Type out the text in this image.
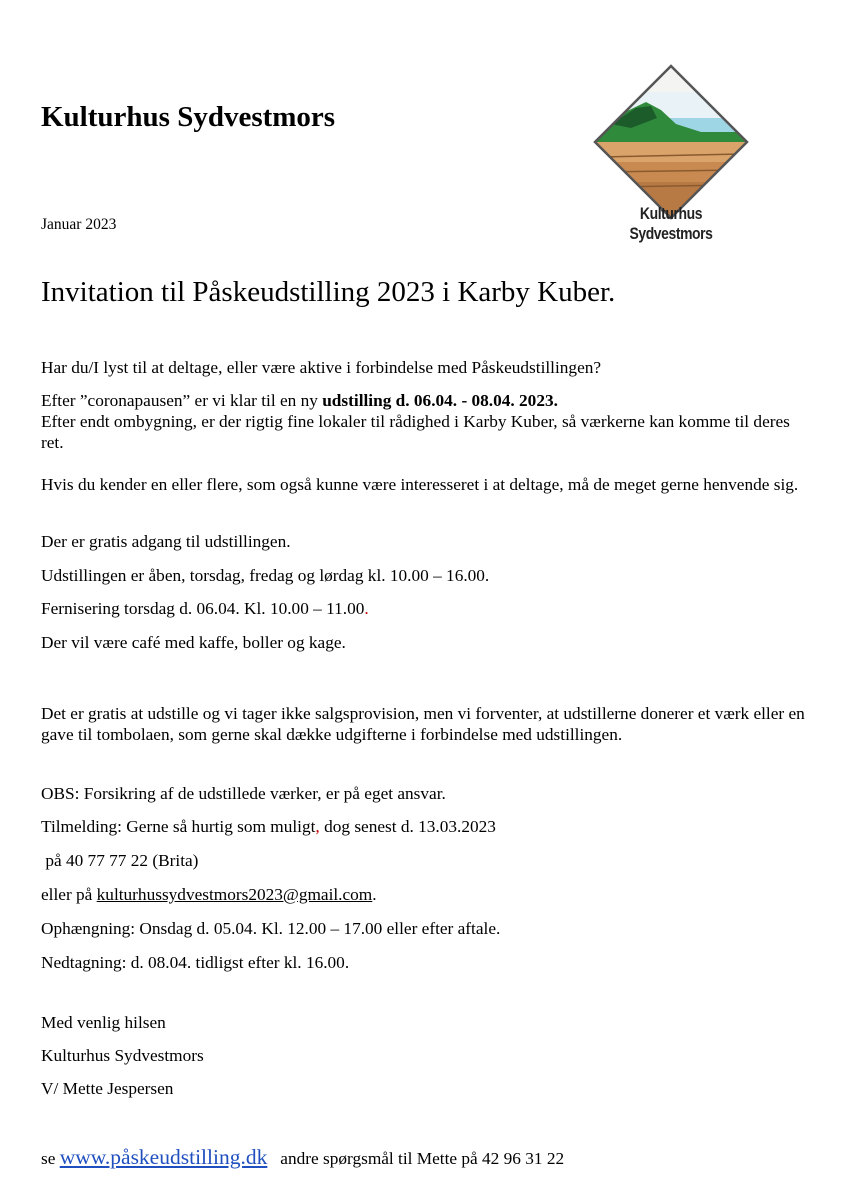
Kulturhus Sydvestmors
Januar 2023
Kulturhus Sydvestmors
Invitation til Påskeudstilling 2023 i Karby Kuber.

Har du/I lyst til at deltage, eller være aktive i forbindelse med Påskeudstillingen?

Efter ”coronapausen” er vi klar til en ny udstilling d. 06.04. - 08.04. 2023.
Efter endt ombygning, er der rigtig fine lokaler til rådighed i Karby Kuber, så værkerne kan komme til deres ret.

Hvis du kender en eller flere, som også kunne være interesseret i at deltage, må de meget gerne henvende sig.

Der er gratis adgang til udstillingen.

Udstillingen er åben, torsdag, fredag og lørdag kl. 10.00 – 16.00.

Fernisering torsdag d. 06.04. Kl. 10.00 – 11.00.

Der vil være café med kaffe, boller og kage.

Det er gratis at udstille og vi tager ikke salgsprovision, men vi forventer, at udstillerne donerer et værk eller en gave til tombolaen, som gerne skal dække udgifterne i forbindelse med udstillingen.

OBS: Forsikring af de udstillede værker, er på eget ansvar.

Tilmelding: Gerne så hurtig som muligt, dog senest d. 13.03.2023

på 40 77 77 22 (Brita)

eller på kulturhussydvestmors2023@gmail.com.

Ophængning: Onsdag d. 05.04. Kl. 12.00 – 17.00 eller efter aftale.

Nedtagning: d. 08.04. tidligst efter kl. 16.00.

Med venlig hilsen

Kulturhus Sydvestmors

V/ Mette Jespersen

se www.påskeudstilling.dk   andre spørgsmål til Mette på 42 96 31 22
